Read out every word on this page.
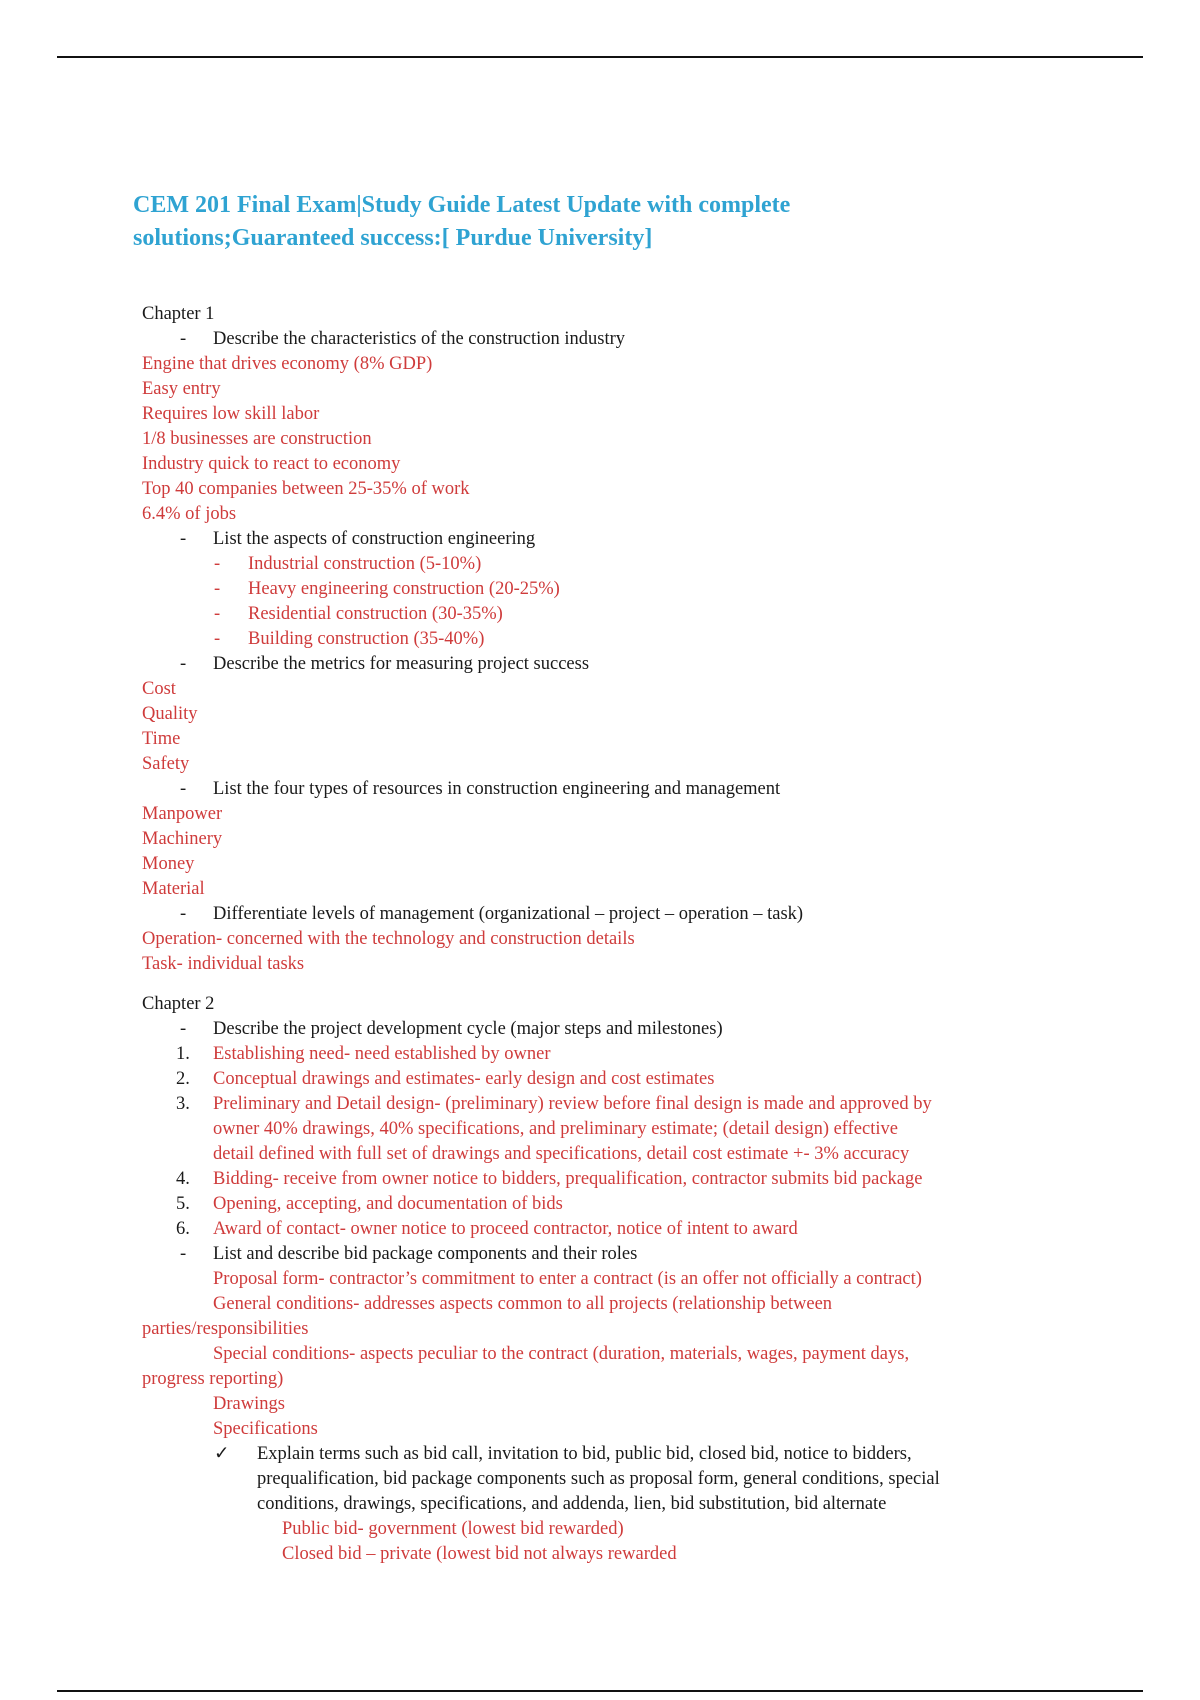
CEM 201 Final Exam|Study Guide Latest Update with complete
solutions;Guaranteed success:[ Purdue University]
Chapter 1
- Describe the characteristics of the construction industry
Engine that drives economy (8% GDP)
Easy entry
Requires low skill labor
1/8 businesses are construction
Industry quick to react to economy
Top 40 companies between 25-35% of work
6.4% of jobs
- List the aspects of construction engineering
- Industrial construction (5-10%)
- Heavy engineering construction (20-25%)
- Residential construction (30-35%)
- Building construction (35-40%)
- Describe the metrics for measuring project success
Cost
Quality
Time
Safety
- List the four types of resources in construction engineering and management
Manpower
Machinery
Money
Material
- Differentiate levels of management (organizational – project – operation – task)
Operation- concerned with the technology and construction details
Task- individual tasks
Chapter 2
- Describe the project development cycle (major steps and milestones)
1. Establishing need- need established by owner
2. Conceptual drawings and estimates- early design and cost estimates
3. Preliminary and Detail design- (preliminary) review before final design is made and approved by
owner 40% drawings, 40% specifications, and preliminary estimate; (detail design) effective
detail defined with full set of drawings and specifications, detail cost estimate +- 3% accuracy
4. Bidding- receive from owner notice to bidders, prequalification, contractor submits bid package
5. Opening, accepting, and documentation of bids
6. Award of contact- owner notice to proceed contractor, notice of intent to award
- List and describe bid package components and their roles
Proposal form- contractor’s commitment to enter a contract (is an offer not officially a contract)
General conditions- addresses aspects common to all projects (relationship between
parties/responsibilities
Special conditions- aspects peculiar to the contract (duration, materials, wages, payment days,
progress reporting)
Drawings
Specifications
✓ Explain terms such as bid call, invitation to bid, public bid, closed bid, notice to bidders,
prequalification, bid package components such as proposal form, general conditions, special
conditions, drawings, specifications, and addenda, lien, bid substitution, bid alternate
Public bid- government (lowest bid rewarded)
Closed bid – private (lowest bid not always rewarded
